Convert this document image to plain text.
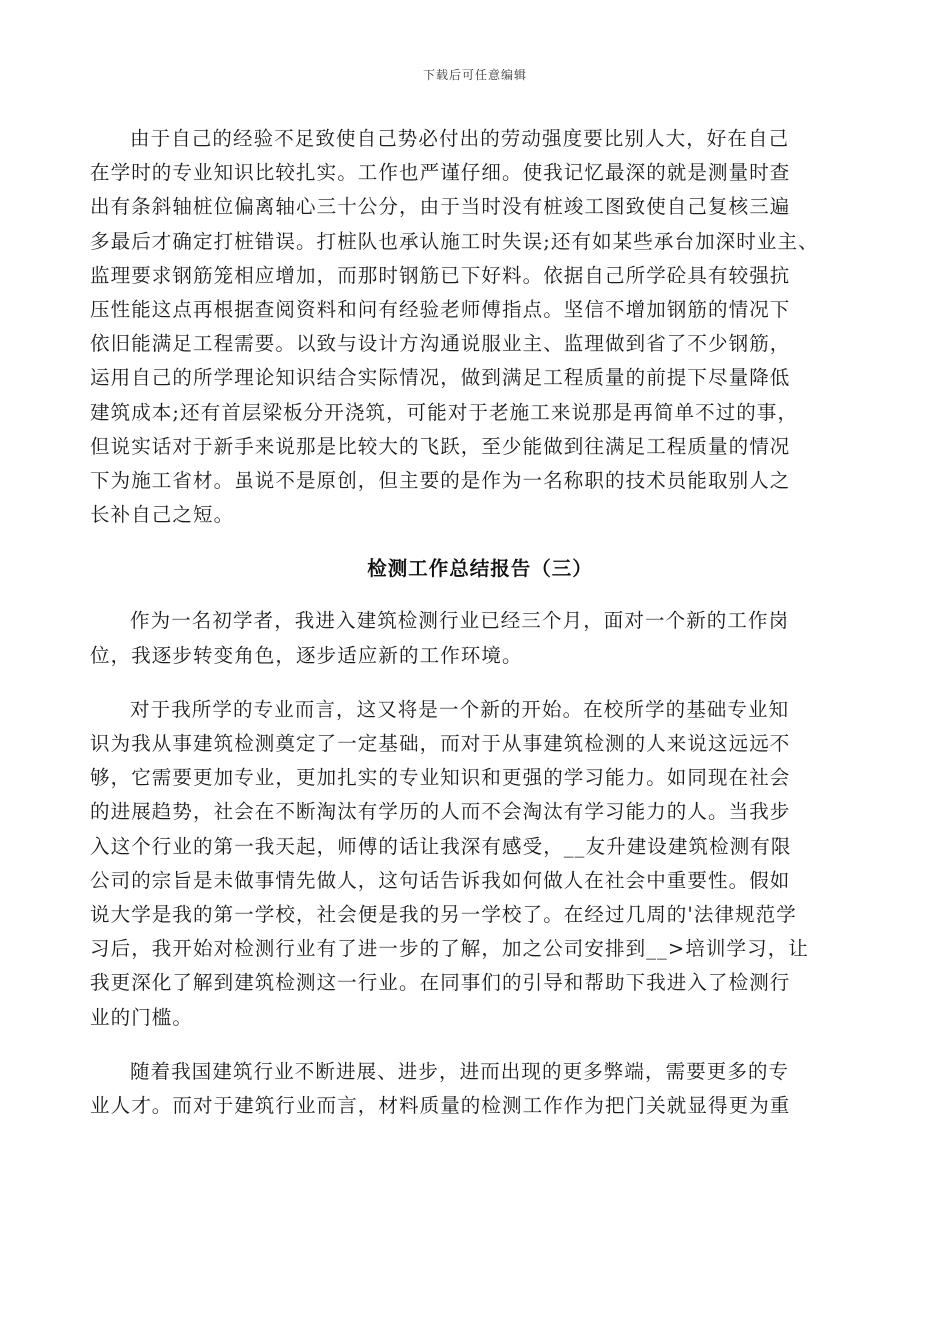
下载后可任意编辑

由于自己的经验不足致使自己势必付出的劳动强度要比别人大，好在自己

在学时的专业知识比较扎实。工作也严谨仔细。使我记忆最深的就是测量时查

出有条斜轴桩位偏离轴心三十公分，由于当时没有桩竣工图致使自己复核三遍

多最后才确定打桩错误。打桩队也承认施工时失误;还有如某些承台加深时业主、

监理要求钢筋笼相应增加，而那时钢筋已下好料。依据自己所学砼具有较强抗

压性能这点再根据查阅资料和问有经验老师傅指点。坚信不增加钢筋的情况下

依旧能满足工程需要。以致与设计方沟通说服业主、监理做到省了不少钢筋，

运用自己的所学理论知识结合实际情况，做到满足工程质量的前提下尽量降低

建筑成本;还有首层梁板分开浇筑，可能对于老施工来说那是再简单不过的事，

但说实话对于新手来说那是比较大的飞跃，至少能做到往满足工程质量的情况

下为施工省材。虽说不是原创，但主要的是作为一名称职的技术员能取别人之

长补自己之短。

检测工作总结报告（三）

作为一名初学者，我进入建筑检测行业已经三个月，面对一个新的工作岗

位，我逐步转变角色，逐步适应新的工作环境。

对于我所学的专业而言，这又将是一个新的开始。在校所学的基础专业知

识为我从事建筑检测奠定了一定基础，而对于从事建筑检测的人来说这远远不

够，它需要更加专业，更加扎实的专业知识和更强的学习能力。如同现在社会

的进展趋势，社会在不断淘汰有学历的人而不会淘汰有学习能力的人。当我步

入这个行业的第一我天起，师傅的话让我深有感受，__友升建设建筑检测有限

公司的宗旨是未做事情先做人，这句话告诉我如何做人在社会中重要性。假如

说大学是我的第一学校，社会便是我的另一学校了。在经过几周的'法律规范学

习后，我开始对检测行业有了进一步的了解，加之公司安排到__>培训学习，让

我更深化了解到建筑检测这一行业。在同事们的引导和帮助下我进入了检测行

业的门槛。

随着我国建筑行业不断进展、进步，进而出现的更多弊端，需要更多的专

业人才。而对于建筑行业而言，材料质量的检测工作作为把门关就显得更为重
